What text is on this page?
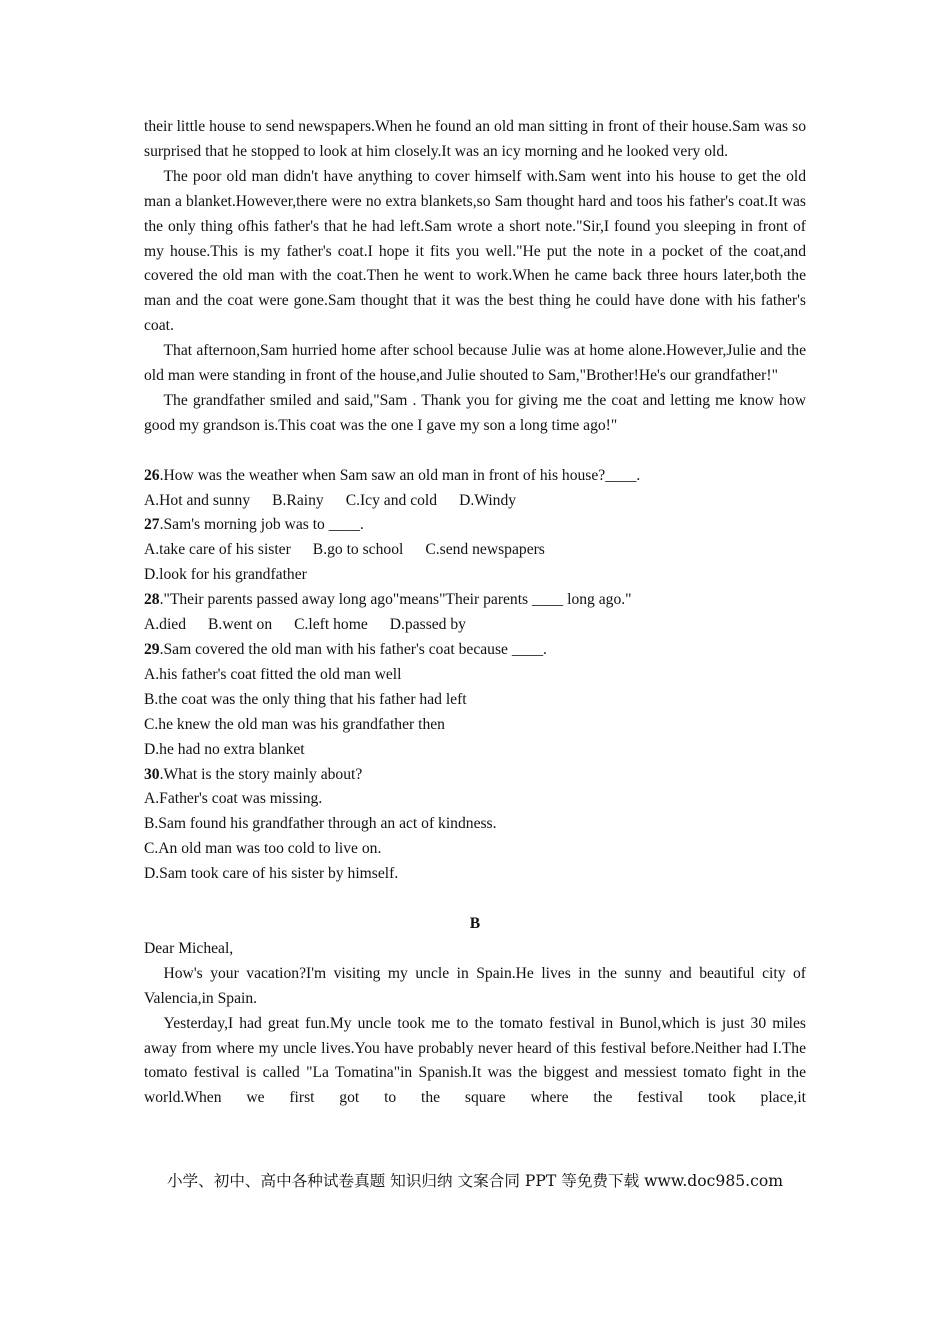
their little house to send newspapers.When he found an old man sitting in front of their house.Sam was so surprised that he stopped to look at him closely.It was an icy morning and he looked very old.

The poor old man didn't have anything to cover himself with.Sam went into his house to get the old man a blanket.However,there were no extra blankets,so Sam thought hard and toos his father's coat.It was the only thing ofhis father's that he had left.Sam wrote a short note."Sir,I found you sleeping in front of my house.This is my father's coat.I hope it fits you well."He put the note in a pocket of the coat,and covered the old man with the coat.Then he went to work.When he came back three hours later,both the man and the coat were gone.Sam thought that it was the best thing he could have done with his father's coat.

That afternoon,Sam hurried home after school because Julie was at home alone.However,Julie and the old man were standing in front of the house,and Julie shouted to Sam,"Brother!He's our grandfather!"

The grandfather smiled and said,"Sam . Thank you for giving me the coat and letting me know how good my grandson is.This coat was the one I gave my son a long time ago!"

26.How was the weather when Sam saw an old man in front of his house?____.

A.Hot and sunny B.Rainy C.Icy and cold D.Windy

27.Sam's morning job was to ____.

A.take care of his sister B.go to school C.send newspapers

D.look for his grandfather

28."Their parents passed away long ago"means"Their parents ____ long ago."

A.died B.went on C.left home D.passed by

29.Sam covered the old man with his father's coat because ____.

A.his father's coat fitted the old man well

B.the coat was the only thing that his father had left

C.he knew the old man was his grandfather then

D.he had no extra blanket

30.What is the story mainly about?

A.Father's coat was missing.

B.Sam found his grandfather through an act of kindness.

C.An old man was too cold to live on.

D.Sam took care of his sister by himself.

B

Dear Micheal,

How's your vacation?I'm visiting my uncle in Spain.He lives in the sunny and beautiful city of Valencia,in Spain.

Yesterday,I had great fun.My uncle took me to the tomato festival in Bunol,which is just 30 miles away from where my uncle lives.You have probably never heard of this festival before.Neither had I.The tomato festival is called "La Tomatina"in Spanish.It was the biggest and messiest tomato fight in the world.When we first got to the square where the festival took place,it

小学、初中、高中各种试卷真题 知识归纳 文案合同 PPT 等免费下载 www.doc985.com
